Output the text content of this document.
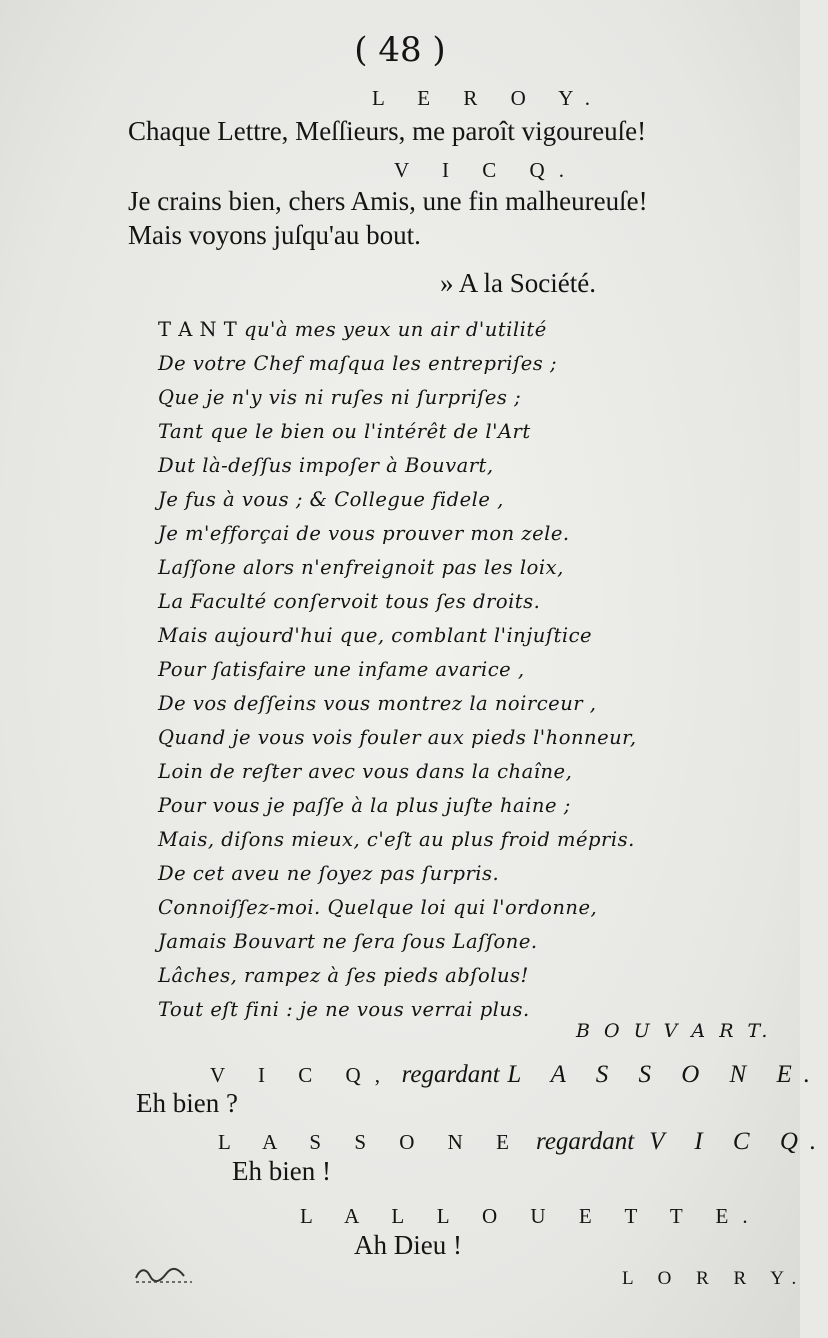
( 48 )
L E R O Y.
Chaque Lettre, Meſſieurs, me paroît vigoureuſe!
V I C Q.
Je crains bien, chers Amis, une fin malheureuſe!
Mais voyons juſqu'au bout.
» A la Société.
T A N T qu'à mes yeux un air d'utilité
De votre Chef maſqua les entrepriſes ;
Que je n'y vis ni ruſes ni ſurpriſes ;
Tant que le bien ou l'intérêt de l'Art
Dut là-deſſus impoſer à Bouvart,
Je fus à vous ; & Collegue fidele ,
Je m'efforçai de vous prouver mon zele.
Laſſone alors n'enfreignoit pas les loix,
La Faculté conſervoit tous ſes droits.
Mais aujourd'hui que, comblant l'injuſtice
Pour ſatisfaire une infame avarice ,
De vos deſſeins vous montrez la noirceur ,
Quand je vous vois fouler aux pieds l'honneur,
Loin de reſter avec vous dans la chaîne,
Pour vous je paſſe à la plus juſte haine ;
Mais, diſons mieux, c'eſt au plus froid mépris.
De cet aveu ne ſoyez pas ſurpris.
Connoiſſez-moi. Quelque loi qui l'ordonne,
Jamais Bouvart ne ſera ſous Laſſone.
Lâches, rampez à ſes pieds abſolus!
Tout eſt fini : je ne vous verrai plus.
B O U V A R T.
V I C Q, regardant L A S S O N E.
Eh bien ?
L A S S O N E regardant V I C Q.
Eh bien !
L A L L O U E T T E.
Ah Dieu !
L O R R Y.
